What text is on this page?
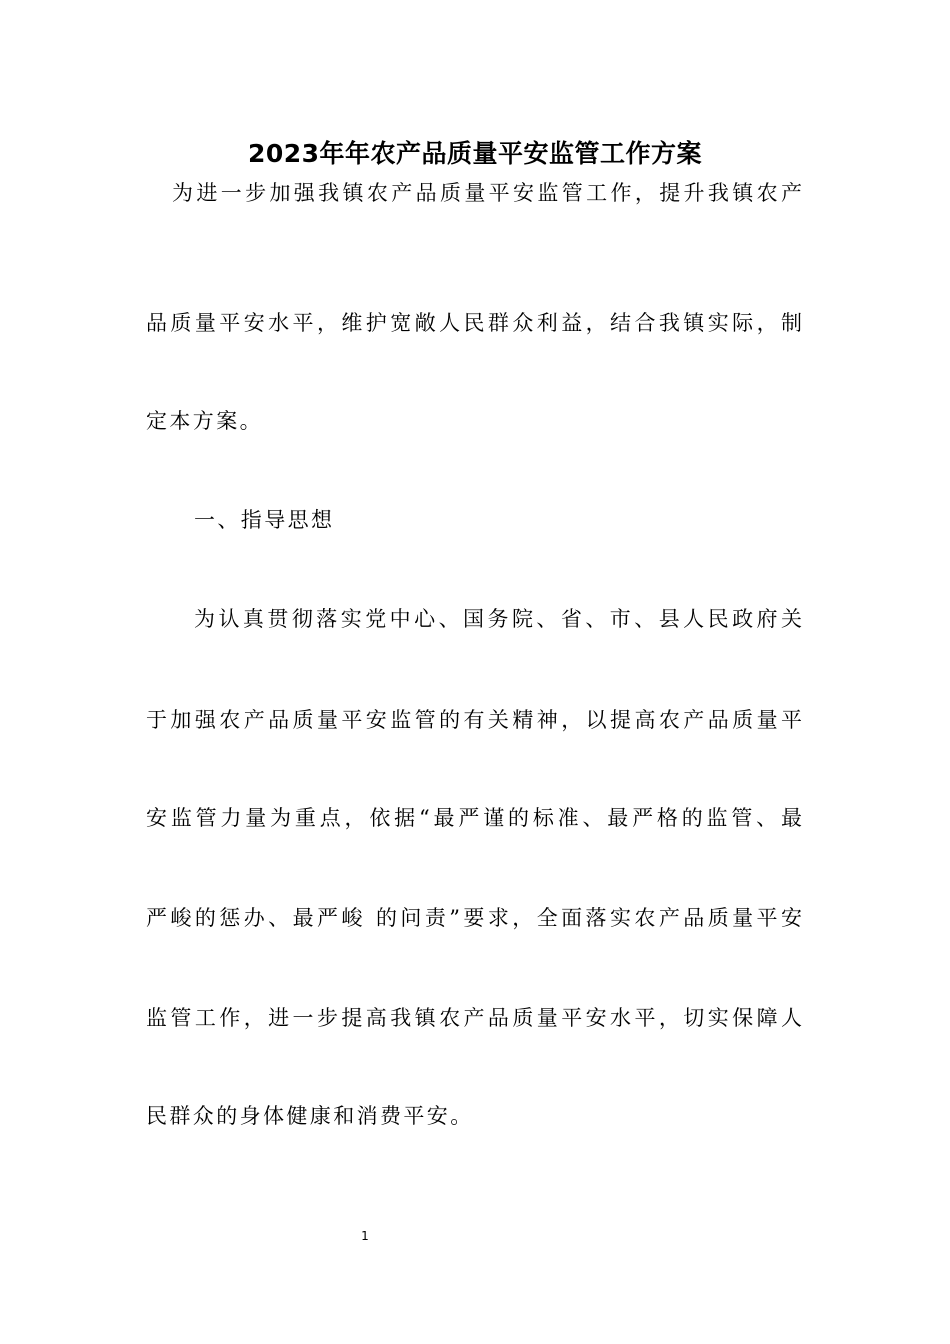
2023年年农产品质量平安监管工作方案

为进一步加强我镇农产品质量平安监管工作，提升我镇农产

品质量平安水平，维护宽敞人民群众利益，结合我镇实际，制

定本方案。

一、指导思想

为认真贯彻落实党中心、国务院、省、市、县人民政府关

于加强农产品质量平安监管的有关精神，以提高农产品质量平

安监管力量为重点，依据“最严谨的标准、最严格的监管、最

严峻的惩办、最严峻 的问责”要求，全面落实农产品质量平安

监管工作，进一步提高我镇农产品质量平安水平，切实保障人

民群众的身体健康和消费平安。

1
